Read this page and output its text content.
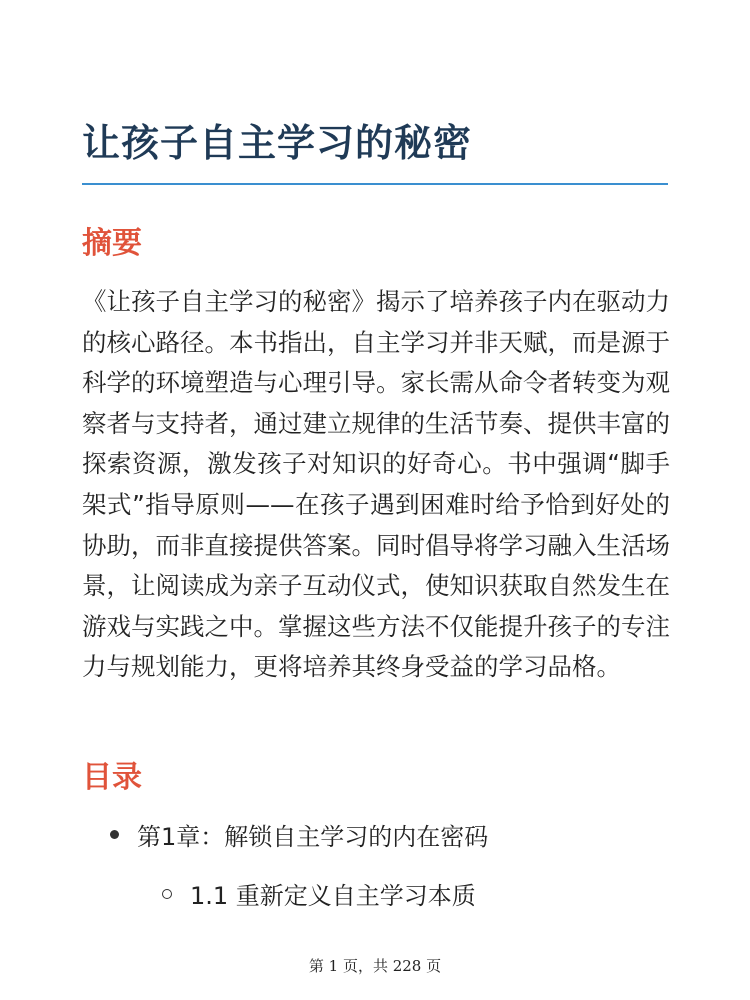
让孩子自主学习的秘密
摘要

《让孩子自主学习的秘密》揭示了培养孩子内在驱动力的核心路径。本书指出，自主学习并非天赋，而是源于科学的环境塑造与心理引导。家长需从命令者转变为观察者与支持者，通过建立规律的生活节奏、提供丰富的探索资源，激发孩子对知识的好奇心。书中强调“脚手架式”指导原则——在孩子遇到困难时给予恰到好处的协助，而非直接提供答案。同时倡导将学习融入生活场景，让阅读成为亲子互动仪式，使知识获取自然发生在游戏与实践之中。掌握这些方法不仅能提升孩子的专注力与规划能力，更将培养其终身受益的学习品格。

目录
第1章：解锁自主学习的内在密码
1.1 重新定义自主学习本质
第 1 页，共 228 页
